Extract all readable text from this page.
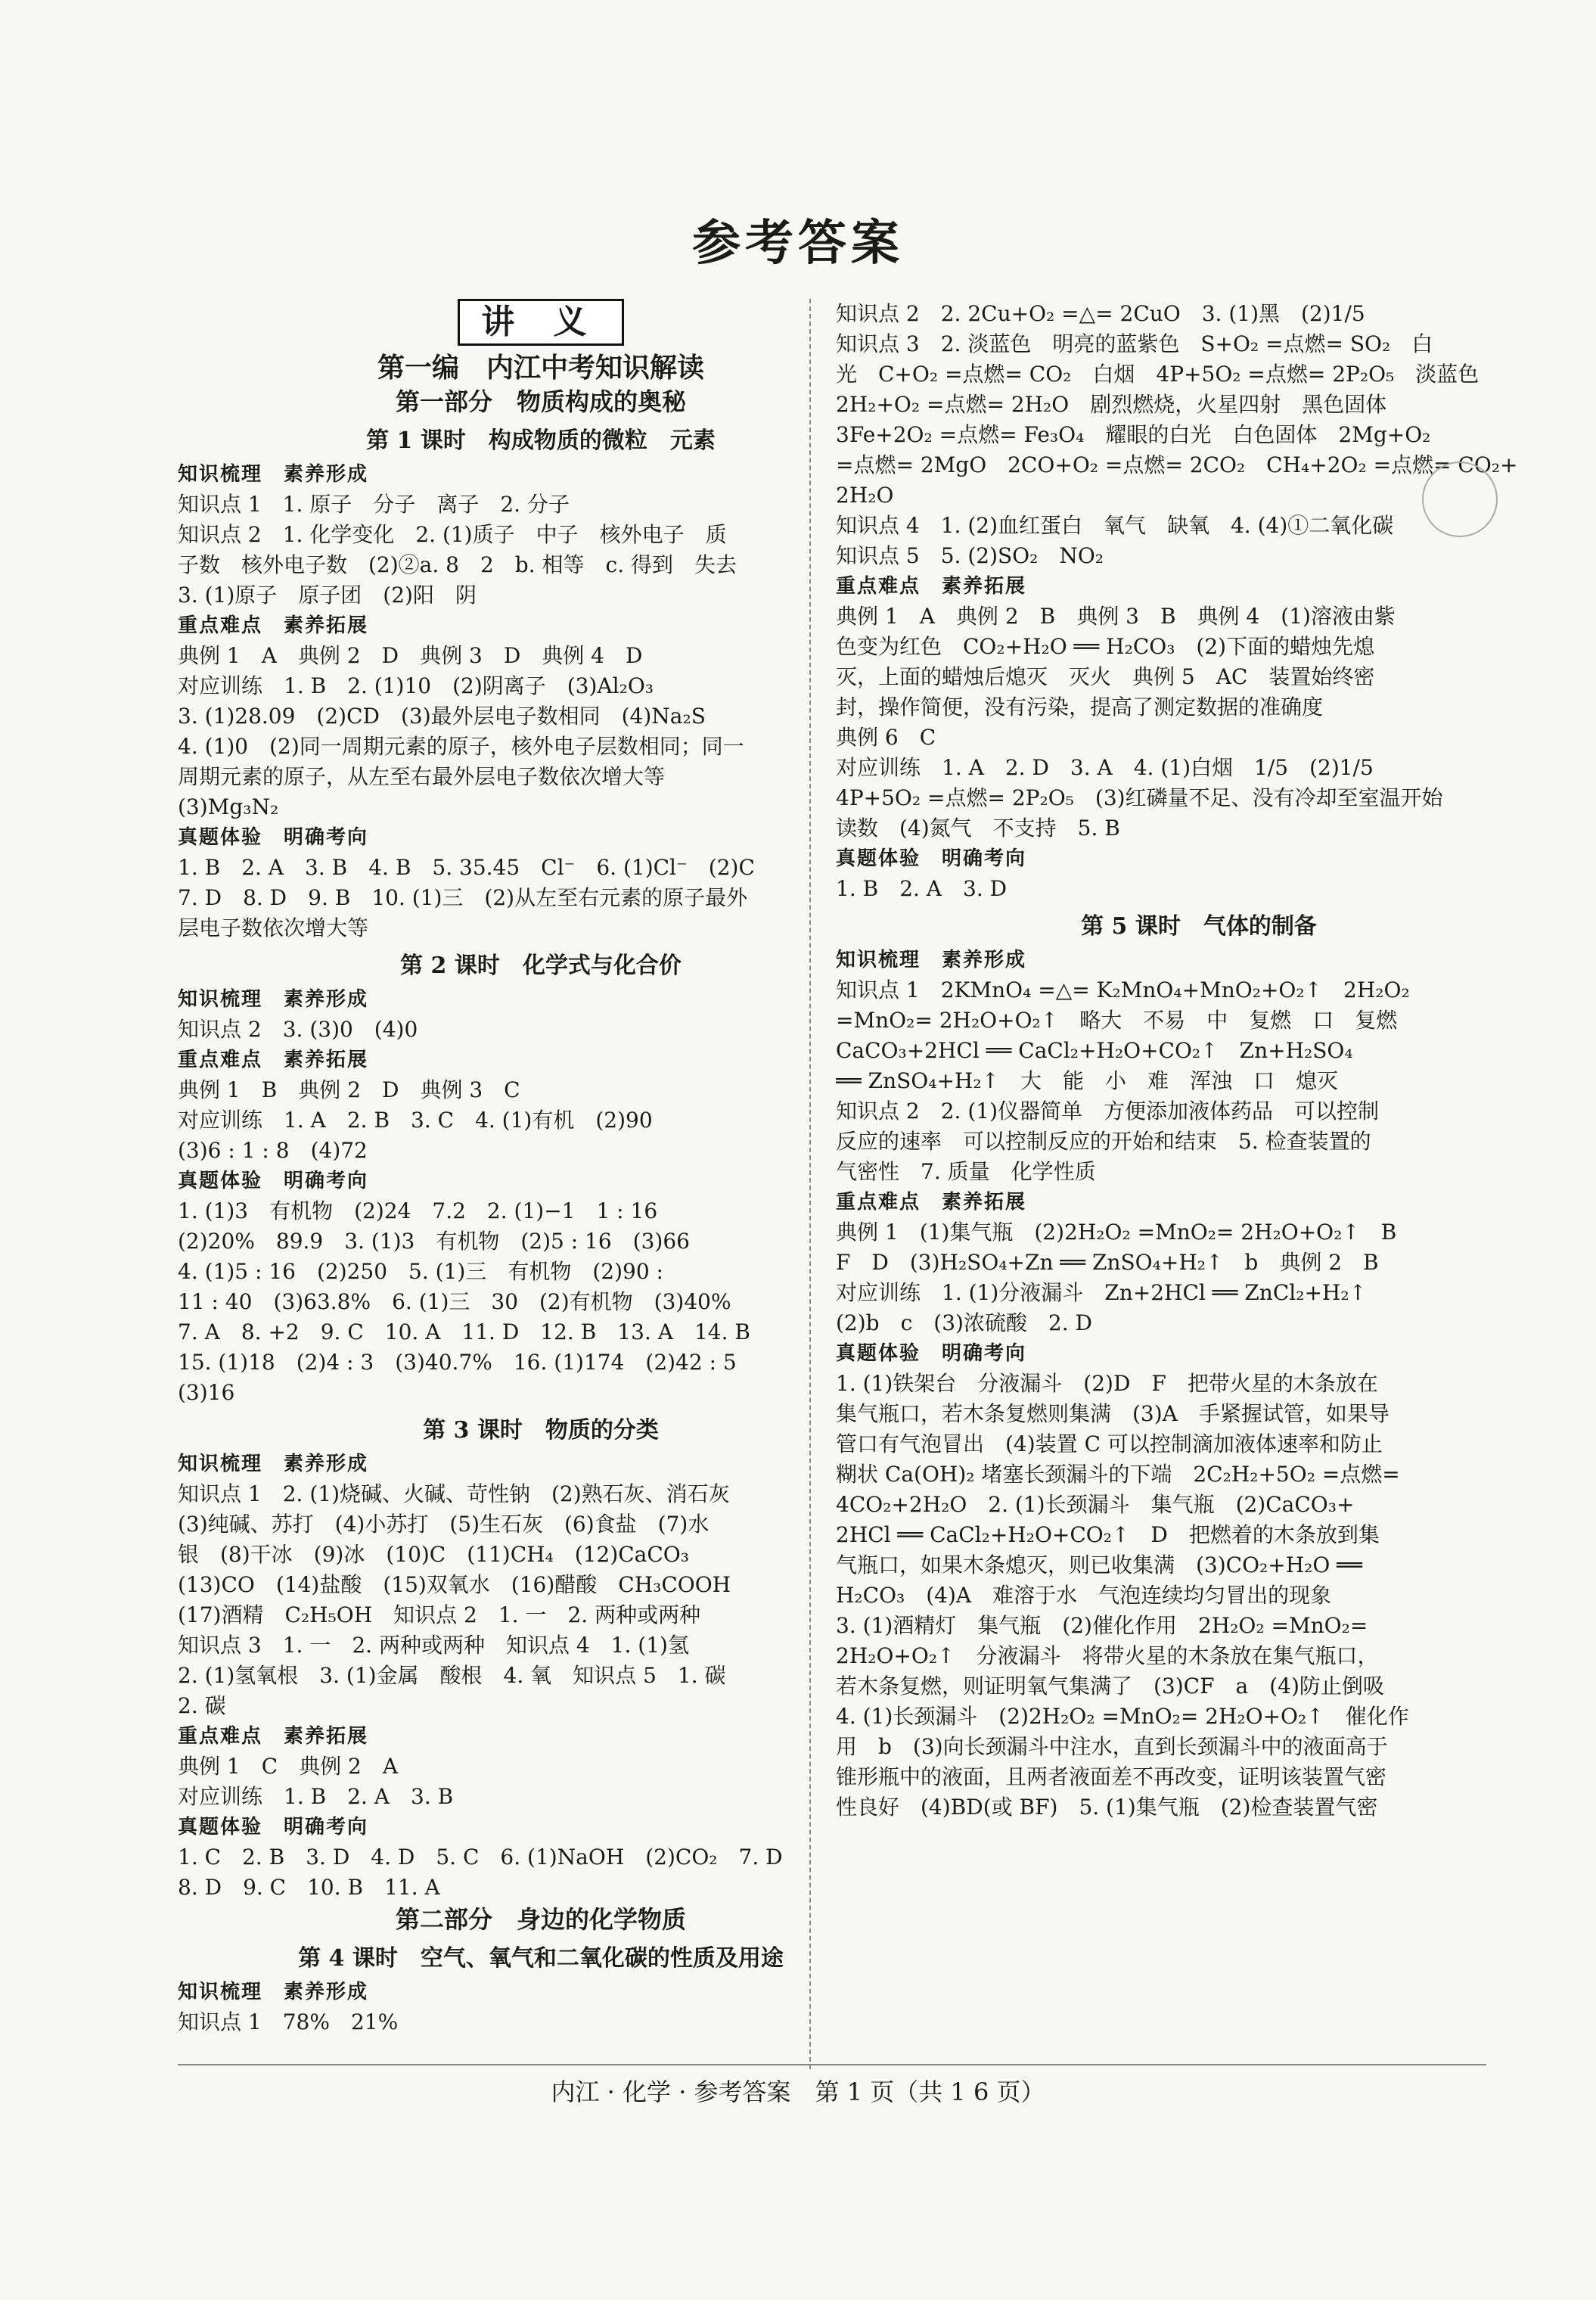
参考答案
讲 义
第一编　内江中考知识解读
第一部分　物质构成的奥秘
第 1 课时　构成物质的微粒　元素
知识梳理　素养形成
知识点 1　1. 原子　分子　离子　2. 分子
知识点 2　1. 化学变化　2. (1)质子　中子　核外电子　质
子数　核外电子数　(2)②a. 8　2　b. 相等　c. 得到　失去
3. (1)原子　原子团　(2)阳　阴
重点难点　素养拓展
典例 1　A　典例 2　D　典例 3　D　典例 4　D
对应训练　1. B　2. (1)10　(2)阴离子　(3)Al₂O₃
3. (1)28.09　(2)CD　(3)最外层电子数相同　(4)Na₂S
4. (1)0　(2)同一周期元素的原子，核外电子层数相同；同一
周期元素的原子，从左至右最外层电子数依次增大等
(3)Mg₃N₂
真题体验　明确考向
1. B　2. A　3. B　4. B　5. 35.45　Cl⁻　6. (1)Cl⁻　(2)C
7. D　8. D　9. B　10. (1)三　(2)从左至右元素的原子最外
层电子数依次增大等
第 2 课时　化学式与化合价
知识梳理　素养形成
知识点 2　3. (3)0　(4)0
重点难点　素养拓展
典例 1　B　典例 2　D　典例 3　C
对应训练　1. A　2. B　3. C　4. (1)有机　(2)90
(3)6 : 1 : 8　(4)72
真题体验　明确考向
1. (1)3　有机物　(2)24　7.2　2. (1)−1　1 : 16
(2)20%　89.9　3. (1)3　有机物　(2)5 : 16　(3)66
4. (1)5 : 16　(2)250　5. (1)三　有机物　(2)90 :
11 : 40　(3)63.8%　6. (1)三　30　(2)有机物　(3)40%
7. A　8. +2　9. C　10. A　11. D　12. B　13. A　14. B
15. (1)18　(2)4 : 3　(3)40.7%　16. (1)174　(2)42 : 5
(3)16
第 3 课时　物质的分类
知识梳理　素养形成
知识点 1　2. (1)烧碱、火碱、苛性钠　(2)熟石灰、消石灰
(3)纯碱、苏打　(4)小苏打　(5)生石灰　(6)食盐　(7)水
银　(8)干冰　(9)冰　(10)C　(11)CH₄　(12)CaCO₃
(13)CO　(14)盐酸　(15)双氧水　(16)醋酸　CH₃COOH
(17)酒精　C₂H₅OH　知识点 2　1. 一　2. 两种或两种
知识点 3　1. 一　2. 两种或两种　知识点 4　1. (1)氢
2. (1)氢氧根　3. (1)金属　酸根　4. 氧　知识点 5　1. 碳
2. 碳
重点难点　素养拓展
典例 1　C　典例 2　A
对应训练　1. B　2. A　3. B
真题体验　明确考向
1. C　2. B　3. D　4. D　5. C　6. (1)NaOH　(2)CO₂　7. D
8. D　9. C　10. B　11. A
第二部分　身边的化学物质
第 4 课时　空气、氧气和二氧化碳的性质及用途
知识梳理　素养形成
知识点 1　78%　21%
知识点 2　2. 2Cu+O₂ =△= 2CuO　3. (1)黑　(2)1/5
知识点 3　2. 淡蓝色　明亮的蓝紫色　S+O₂ =点燃= SO₂　白
光　C+O₂ =点燃= CO₂　白烟　4P+5O₂ =点燃= 2P₂O₅　淡蓝色
2H₂+O₂ =点燃= 2H₂O　剧烈燃烧，火星四射　黑色固体
3Fe+2O₂ =点燃= Fe₃O₄　耀眼的白光　白色固体　2Mg+O₂
=点燃= 2MgO　2CO+O₂ =点燃= 2CO₂　CH₄+2O₂ =点燃= CO₂+
2H₂O
知识点 4　1. (2)血红蛋白　氧气　缺氧　4. (4)①二氧化碳
知识点 5　5. (2)SO₂　NO₂
重点难点　素养拓展
典例 1　A　典例 2　B　典例 3　B　典例 4　(1)溶液由紫
色变为红色　CO₂+H₂O ══ H₂CO₃　(2)下面的蜡烛先熄
灭，上面的蜡烛后熄灭　灭火　典例 5　AC　装置始终密
封，操作简便，没有污染，提高了测定数据的准确度
典例 6　C
对应训练　1. A　2. D　3. A　4. (1)白烟　1/5　(2)1/5
4P+5O₂ =点燃= 2P₂O₅　(3)红磷量不足、没有冷却至室温开始
读数　(4)氮气　不支持　5. B
真题体验　明确考向
1. B　2. A　3. D
第 5 课时　气体的制备
知识梳理　素养形成
知识点 1　2KMnO₄ =△= K₂MnO₄+MnO₂+O₂↑　2H₂O₂
=MnO₂= 2H₂O+O₂↑　略大　不易　中　复燃　口　复燃
CaCO₃+2HCl ══ CaCl₂+H₂O+CO₂↑　Zn+H₂SO₄
══ ZnSO₄+H₂↑　大　能　小　难　浑浊　口　熄灭
知识点 2　2. (1)仪器简单　方便添加液体药品　可以控制
反应的速率　可以控制反应的开始和结束　5. 检查装置的
气密性　7. 质量　化学性质
重点难点　素养拓展
典例 1　(1)集气瓶　(2)2H₂O₂ =MnO₂= 2H₂O+O₂↑　B
F　D　(3)H₂SO₄+Zn ══ ZnSO₄+H₂↑　b　典例 2　B
对应训练　1. (1)分液漏斗　Zn+2HCl ══ ZnCl₂+H₂↑
(2)b　c　(3)浓硫酸　2. D
真题体验　明确考向
1. (1)铁架台　分液漏斗　(2)D　F　把带火星的木条放在
集气瓶口，若木条复燃则集满　(3)A　手紧握试管，如果导
管口有气泡冒出　(4)装置 C 可以控制滴加液体速率和防止
糊状 Ca(OH)₂ 堵塞长颈漏斗的下端　2C₂H₂+5O₂ =点燃=
4CO₂+2H₂O　2. (1)长颈漏斗　集气瓶　(2)CaCO₃+
2HCl ══ CaCl₂+H₂O+CO₂↑　D　把燃着的木条放到集
气瓶口，如果木条熄灭，则已收集满　(3)CO₂+H₂O ══
H₂CO₃　(4)A　难溶于水　气泡连续均匀冒出的现象
3. (1)酒精灯　集气瓶　(2)催化作用　2H₂O₂ =MnO₂=
2H₂O+O₂↑　分液漏斗　将带火星的木条放在集气瓶口，
若木条复燃，则证明氧气集满了　(3)CF　a　(4)防止倒吸
4. (1)长颈漏斗　(2)2H₂O₂ =MnO₂= 2H₂O+O₂↑　催化作
用　b　(3)向长颈漏斗中注水，直到长颈漏斗中的液面高于
锥形瓶中的液面，且两者液面差不再改变，证明该装置气密
性良好　(4)BD(或 BF)　5. (1)集气瓶　(2)检查装置气密
内江 · 化学 · 参考答案　第 1 页（共 1 6 页）
